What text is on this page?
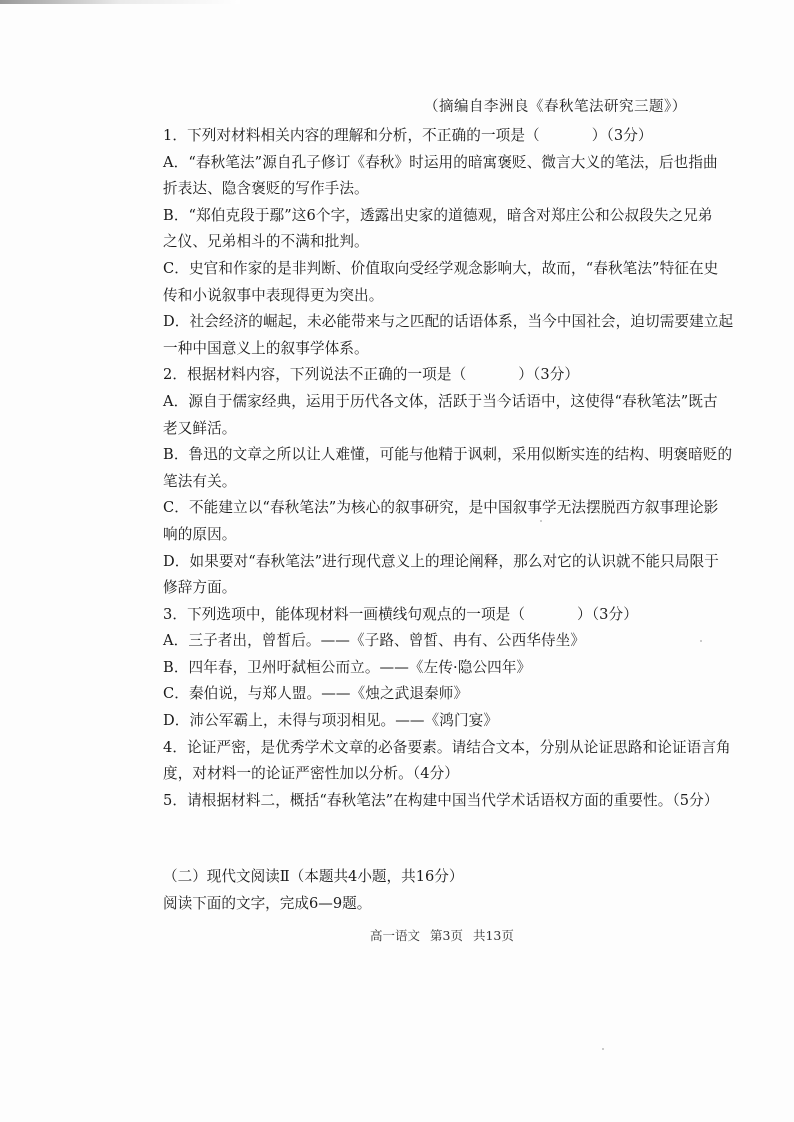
（摘编自李洲良《春秋笔法研究三题》）
1．下列对材料相关内容的理解和分析，不正确的一项是（	）（3分）
A．“春秋笔法”源自孔子修订《春秋》时运用的暗寓褒贬、微言大义的笔法，后也指曲
折表达、隐含褒贬的写作手法。
B．“郑伯克段于鄢”这6个字，透露出史家的道德观，暗含对郑庄公和公叔段失之兄弟
之仪、兄弟相斗的不满和批判。
C．史官和作家的是非判断、价值取向受经学观念影响大，故而，“春秋笔法”特征在史
传和小说叙事中表现得更为突出。
D．社会经济的崛起，未必能带来与之匹配的话语体系，当今中国社会，迫切需要建立起
一种中国意义上的叙事学体系。
2．根据材料内容，下列说法不正确的一项是（	）（3分）
A．源自于儒家经典，运用于历代各文体，活跃于当今话语中，这使得“春秋笔法”既古
老又鲜活。
B．鲁迅的文章之所以让人难懂，可能与他精于讽刺，采用似断实连的结构、明褒暗贬的
笔法有关。
C．不能建立以“春秋笔法”为核心的叙事研究，是中国叙事学无法摆脱西方叙事理论影
响的原因。
D．如果要对“春秋笔法”进行现代意义上的理论阐释，那么对它的认识就不能只局限于
修辞方面。
3．下列选项中，能体现材料一画横线句观点的一项是（	）（3分）
A．三子者出，曾皙后。——《子路、曾皙、冉有、公西华侍坐》
B．四年春，卫州吁弑桓公而立。——《左传·隐公四年》
C．秦伯说，与郑人盟。——《烛之武退秦师》
D．沛公军霸上，未得与项羽相见。——《鸿门宴》
4．论证严密，是优秀学术文章的必备要素。请结合文本，分别从论证思路和论证语言角
度，对材料一的论证严密性加以分析。（4分）
5．请根据材料二，概括“春秋笔法”在构建中国当代学术话语权方面的重要性。（5分）
（二）现代文阅读Ⅱ（本题共4小题，共16分）
阅读下面的文字，完成6—9题。
高一语文 第3页 共13页
